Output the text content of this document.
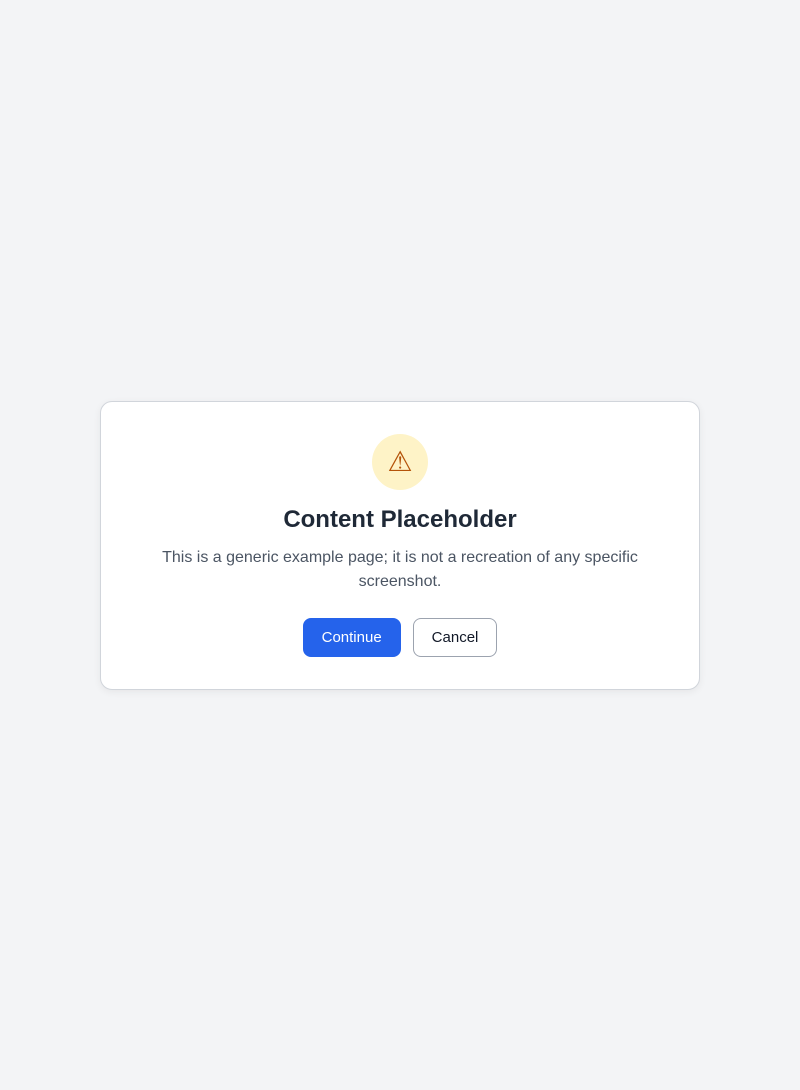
⚠
Content Placeholder

This is a generic example page; it is not a recreation of any specific screenshot.

Continue	Cancel
